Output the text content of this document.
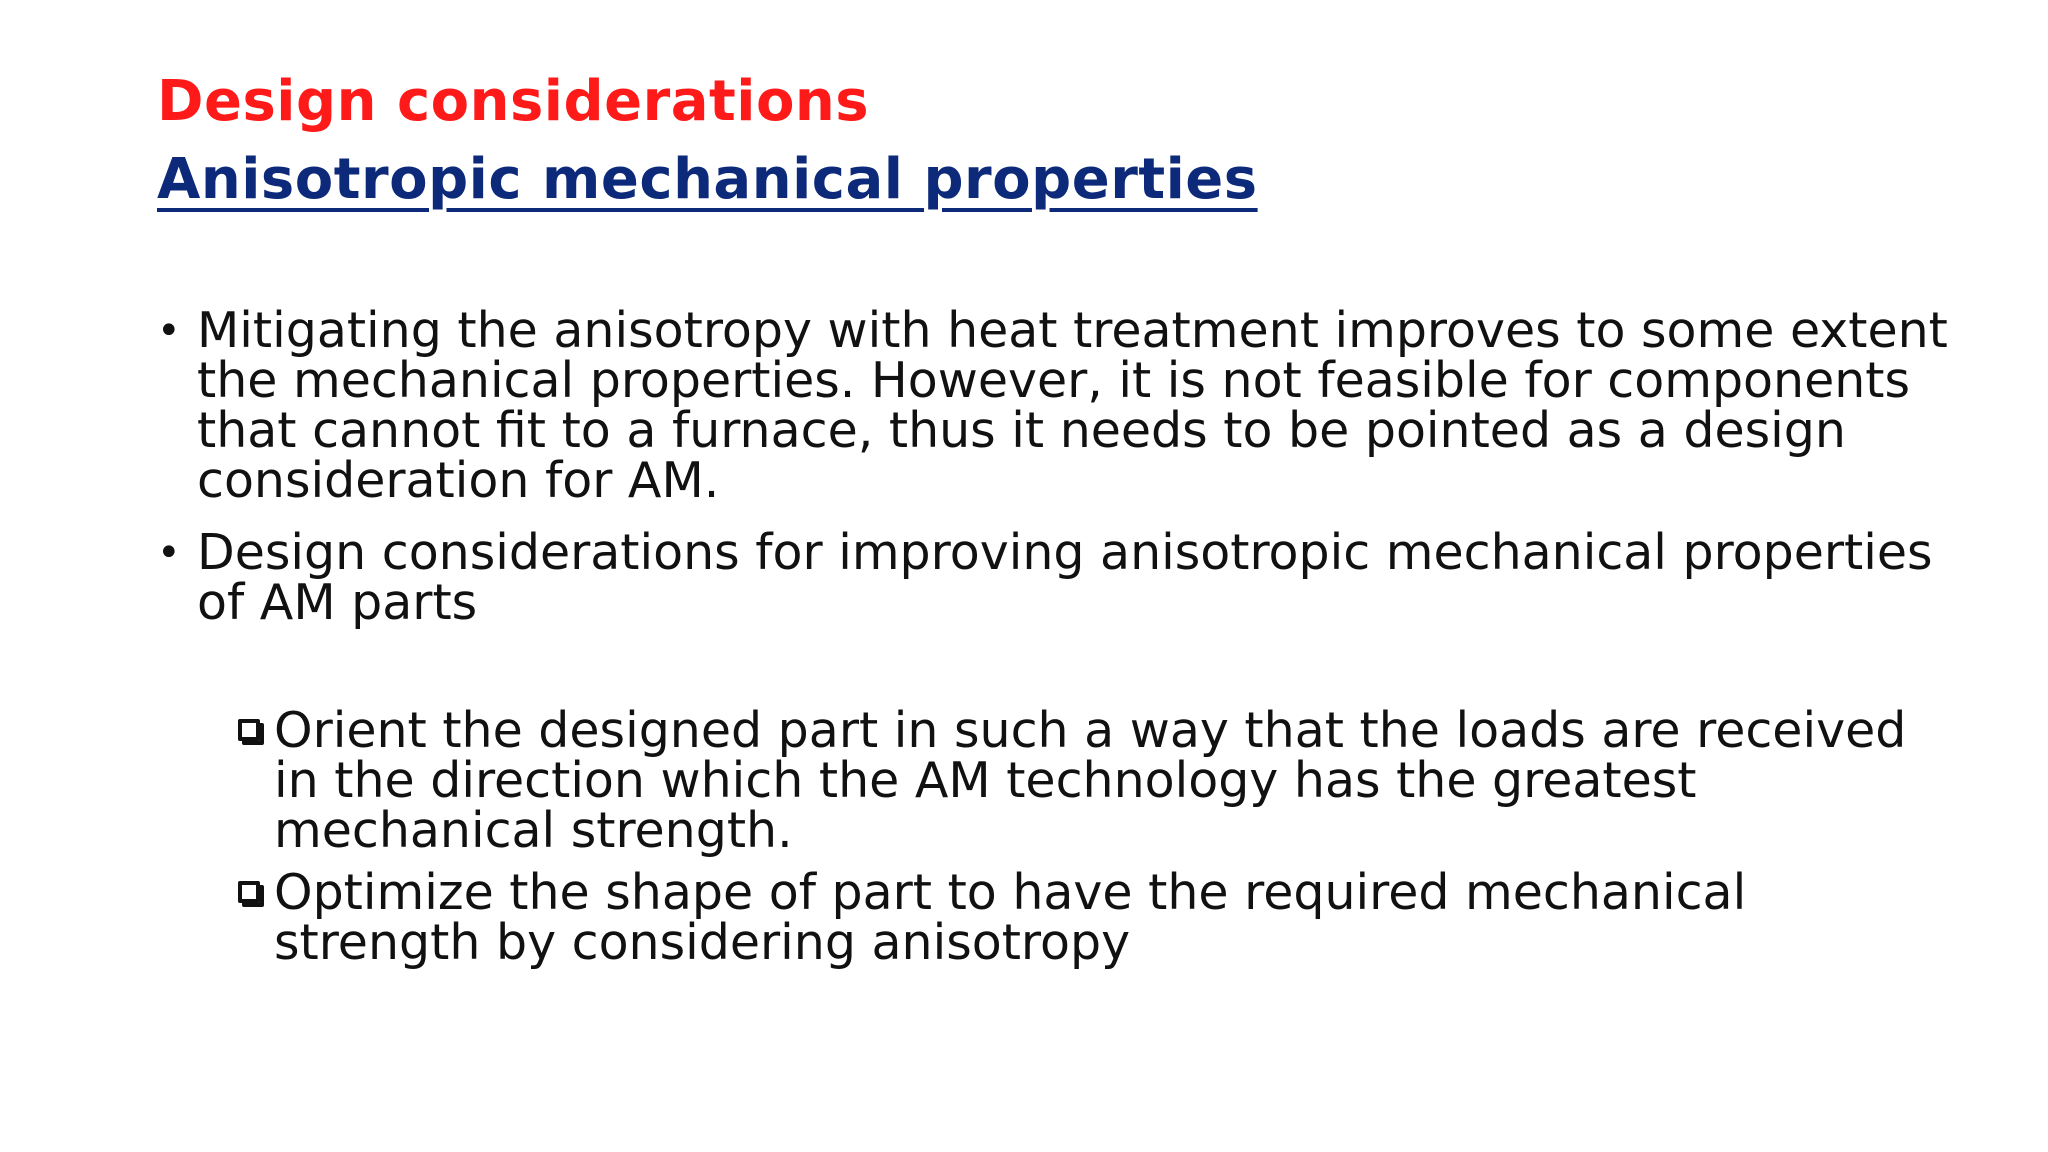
Design considerations
Anisotropic mechanical properties
• Mitigating the anisotropy with heat treatment improves to some extent the mechanical properties. However, it is not feasible for components that cannot fit to a furnace, thus it needs to be pointed as a design consideration for AM.
• Design considerations for improving anisotropic mechanical properties of AM parts
Orient the designed part in such a way that the loads are received in the direction which the AM technology has the greatest mechanical strength.
Optimize the shape of part to have the required mechanical strength by considering anisotropy
